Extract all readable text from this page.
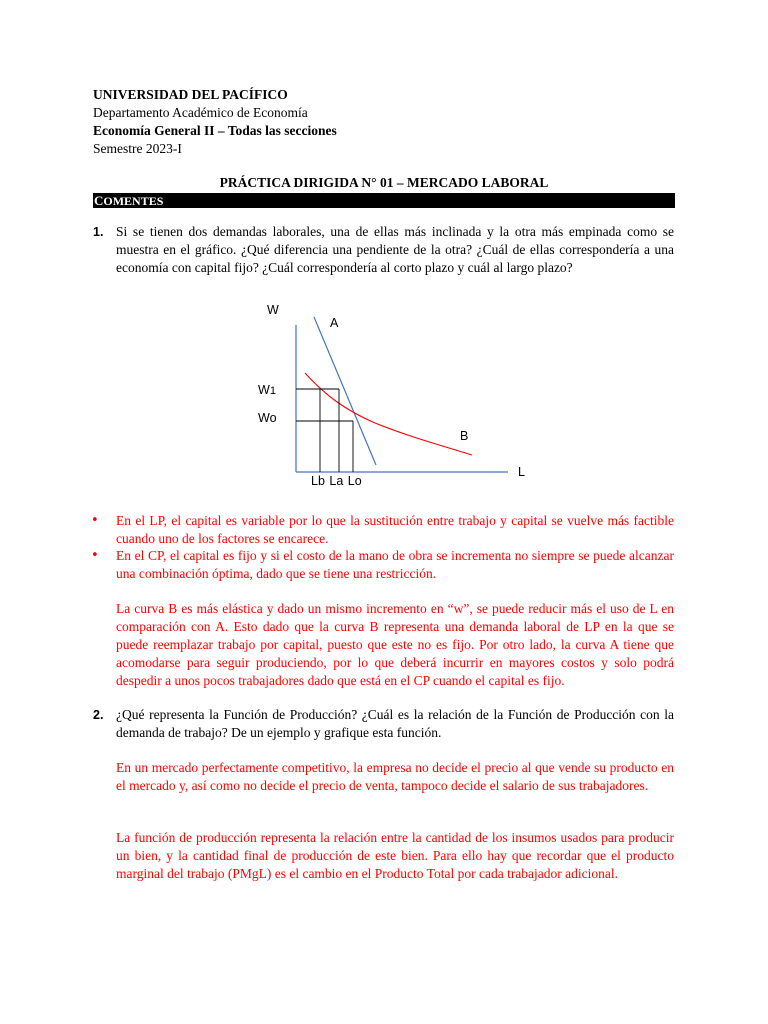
UNIVERSIDAD DEL PACÍFICO
Departamento Académico de Economía
Economía General II – Todas las secciones
Semestre 2023-I
PRÁCTICA DIRIGIDA N° 01 – MERCADO LABORAL
COMENTES
1. Si se tienen dos demandas laborales, una de ellas más inclinada y la otra más empinada como se muestra en el gráfico. ¿Qué diferencia una pendiente de la otra? ¿Cuál de ellas correspondería a una economía con capital fijo? ¿Cuál correspondería al corto plazo y cuál al largo plazo?
W
A
W1
Wo
B
L
Lb La Lo
• En el LP, el capital es variable por lo que la sustitución entre trabajo y capital se vuelve más factible cuando uno de los factores se encarece.
• En el CP, el capital es fijo y si el costo de la mano de obra se incrementa no siempre se puede alcanzar una combinación óptima, dado que se tiene una restricción.
La curva B es más elástica y dado un mismo incremento en “w”, se puede reducir más el uso de L en comparación con A. Esto dado que la curva B representa una demanda laboral de LP en la que se puede reemplazar trabajo por capital, puesto que este no es fijo. Por otro lado, la curva A tiene que acomodarse para seguir produciendo, por lo que deberá incurrir en mayores costos y solo podrá despedir a unos pocos trabajadores dado que está en el CP cuando el capital es fijo.
2. ¿Qué representa la Función de Producción? ¿Cuál es la relación de la Función de Producción con la demanda de trabajo? De un ejemplo y grafique esta función.
En un mercado perfectamente competitivo, la empresa no decide el precio al que vende su producto en el mercado y, así como no decide el precio de venta, tampoco decide el salario de sus trabajadores.
La función de producción representa la relación entre la cantidad de los insumos usados para producir un bien, y la cantidad final de producción de este bien. Para ello hay que recordar que el producto marginal del trabajo (PMgL) es el cambio en el Producto Total por cada trabajador adicional.
